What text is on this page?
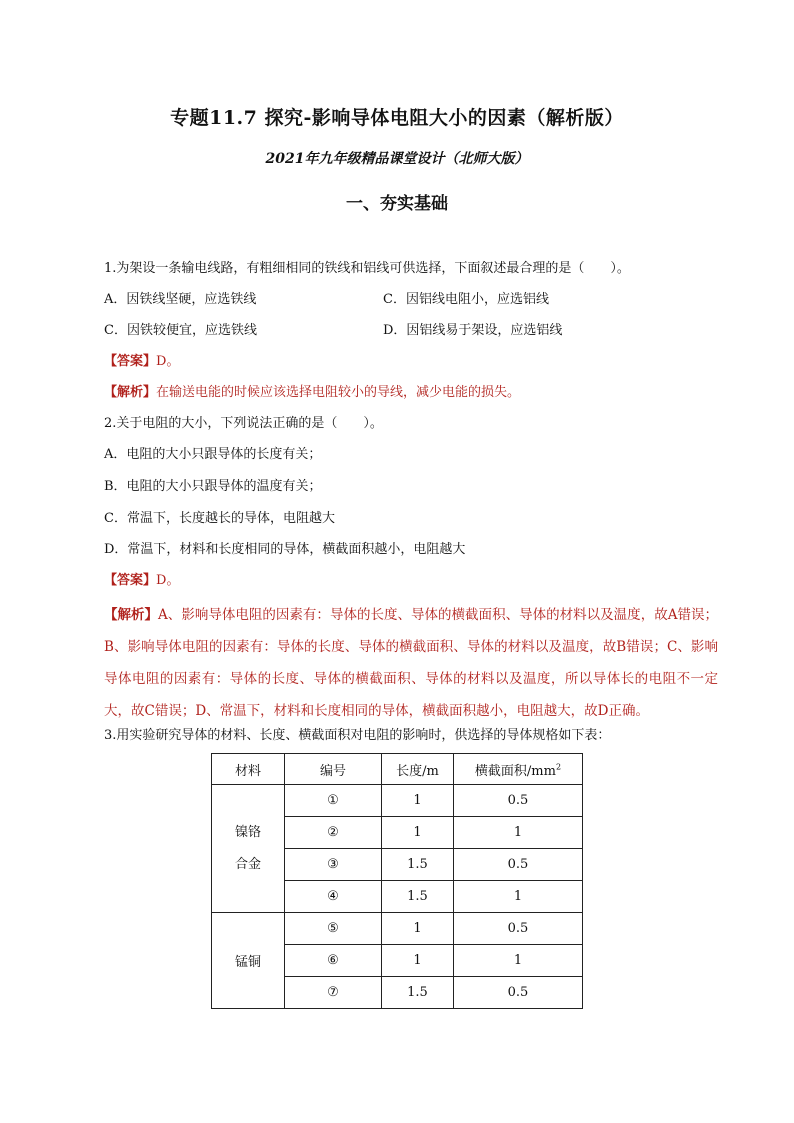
专题11.7 探究-影响导体电阻大小的因素（解析版）
2021年九年级精品课堂设计（北师大版）
一、夯实基础
1.为架设一条输电线路，有粗细相同的铁线和铝线可供选择，下面叙述最合理的是（　　）。
A．因铁线坚硬，应选铁线	C．因铝线电阻小，应选铝线
C．因铁较便宜，应选铁线	D．因铝线易于架设，应选铝线
【答案】D。
【解析】在输送电能的时候应该选择电阻较小的导线，减少电能的损失。
2.关于电阻的大小，下列说法正确的是（　　）。
A．电阻的大小只跟导体的长度有关；
B．电阻的大小只跟导体的温度有关；
C．常温下，长度越长的导体，电阻越大
D．常温下，材料和长度相同的导体，横截面积越小，电阻越大
【答案】D。
【解析】A、影响导体电阻的因素有：导体的长度、导体的横截面积、导体的材料以及温度，故A错误；B、影响导体电阻的因素有：导体的长度、导体的横截面积、导体的材料以及温度，故B错误；C、影响导体电阻的因素有：导体的长度、导体的横截面积、导体的材料以及温度，所以导体长的电阻不一定大，故C错误；D、常温下，材料和长度相同的导体，横截面积越小，电阻越大，故D正确。
3.用实验研究导体的材料、长度、横截面积对电阻的影响时，供选择的导体规格如下表：
材料	编号	长度/m	横截面积$/mm^2$

镍铬
合金	①	1	0.5
	②	1	1
	③	1.5	0.5
	④	1.5	1
锰铜	⑤	1	0.5
	⑥	1	1
	⑦	1.5	0.5
